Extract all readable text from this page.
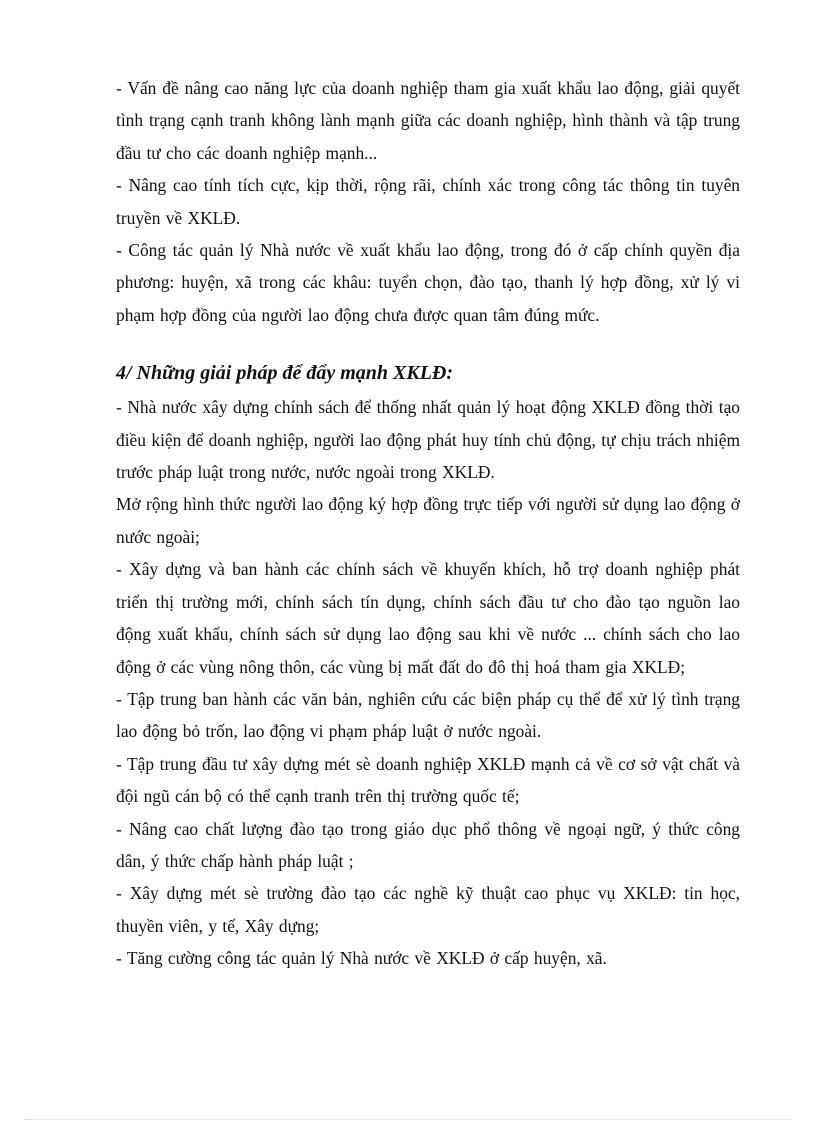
- Vấn đề nâng cao năng lực của doanh nghiệp tham gia xuất khẩu lao động, giải quyết tình trạng cạnh tranh không lành mạnh giữa các doanh nghiệp, hình thành và tập trung đầu tư cho các doanh nghiệp mạnh...

- Nâng cao tính tích cực, kịp thời, rộng rãi, chính xác trong công tác thông tin tuyên truyền về XKLĐ.

- Công tác quản lý Nhà nước về xuất khẩu lao động, trong đó ở cấp chính quyền địa phương: huyện, xã trong các khâu: tuyển chọn, đào tạo, thanh lý hợp đồng, xử lý vi phạm hợp đồng của người lao động chưa được quan tâm đúng mức.

4/ Những giải pháp để đẩy mạnh XKLĐ:

- Nhà nước xây dựng chính sách để thống nhất quản lý hoạt động XKLĐ đồng thời tạo điều kiện để doanh nghiệp, người lao động phát huy tính chủ động, tự chịu trách nhiệm trước pháp luật trong nước, nước ngoài trong XKLĐ.

Mở rộng hình thức người lao động ký hợp đồng trực tiếp với người sử dụng lao động ở nước ngoài;

- Xây dựng và ban hành các chính sách về khuyến khích, hỗ trợ doanh nghiệp phát triển thị trường mới, chính sách tín dụng, chính sách đầu tư cho đào tạo nguồn lao động xuất khẩu, chính sách sử dụng lao động sau khi về nước ... chính sách cho lao động ở các vùng nông thôn, các vùng bị mất đất do đô thị hoá tham gia XKLĐ;

- Tập trung ban hành các văn bản, nghiên cứu các biện pháp cụ thể để xử lý tình trạng lao động bỏ trốn, lao động vi phạm pháp luật ở nước ngoài.

- Tập trung đầu tư xây dựng mét sè doanh nghiệp XKLĐ mạnh cả về cơ sở vật chất và đội ngũ cán bộ có thể cạnh tranh trên thị trường quốc tế;

- Nâng cao chất lượng đào tạo trong giáo dục phổ thông về ngoại ngữ, ý thức công dân, ý thức chấp hành pháp luật ;

- Xây dựng mét sè trường đào tạo các nghề kỹ thuật cao phục vụ XKLĐ: tin học, thuyền viên, y tế, Xây dựng;

- Tăng cường công tác quản lý Nhà nước về XKLĐ ở cấp huyện, xã.
